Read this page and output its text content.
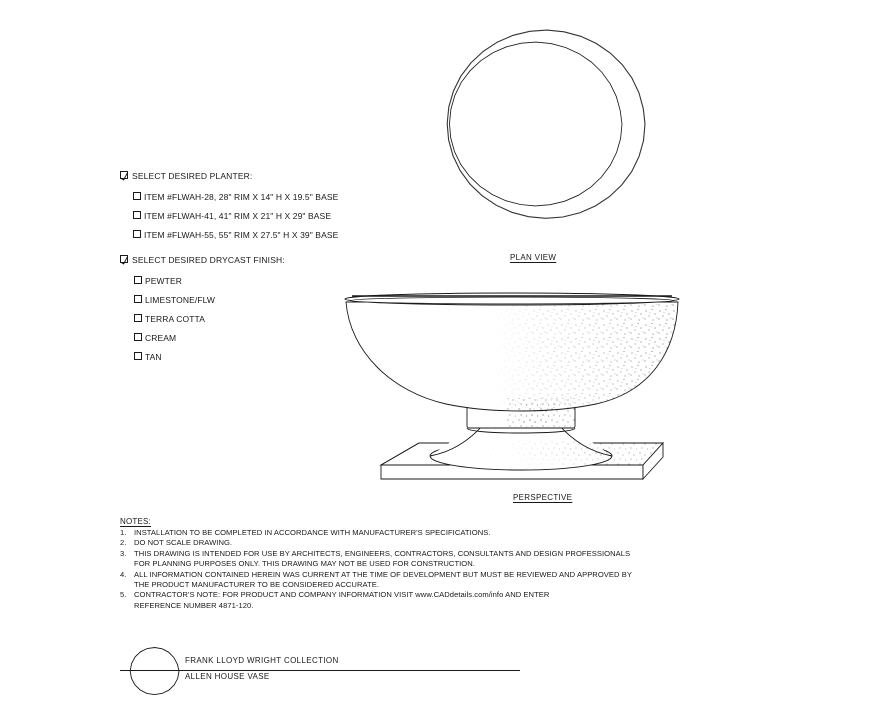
SELECT DESIRED PLANTER:
ITEM #FLWAH-28, 28" RIM X 14" H X 19.5" BASE
ITEM #FLWAH-41, 41" RIM X 21" H X 29" BASE
ITEM #FLWAH-55, 55" RIM X 27.5" H X 39" BASE
SELECT DESIRED DRYCAST FINISH:
PEWTER
LIMESTONE/FLW
TERRA COTTA
CREAM
TAN
PLAN VIEW
PERSPECTIVE
NOTES:
1. INSTALLATION TO BE COMPLETED IN ACCORDANCE WITH MANUFACTURER'S SPECIFICATIONS.
2. DO NOT SCALE DRAWING.
3. THIS DRAWING IS INTENDED FOR USE BY ARCHITECTS, ENGINEERS, CONTRACTORS, CONSULTANTS AND DESIGN PROFESSIONALS
FOR PLANNING PURPOSES ONLY. THIS DRAWING MAY NOT BE USED FOR CONSTRUCTION.
4. ALL INFORMATION CONTAINED HEREIN WAS CURRENT AT THE TIME OF DEVELOPMENT BUT MUST BE REVIEWED AND APPROVED BY
THE PRODUCT MANUFACTURER TO BE CONSIDERED ACCURATE.
5. CONTRACTOR'S NOTE: FOR PRODUCT AND COMPANY INFORMATION VISIT www.CADdetails.com/info AND ENTER
REFERENCE NUMBER 4871-120.
FRANK LLOYD WRIGHT COLLECTION
ALLEN HOUSE VASE
